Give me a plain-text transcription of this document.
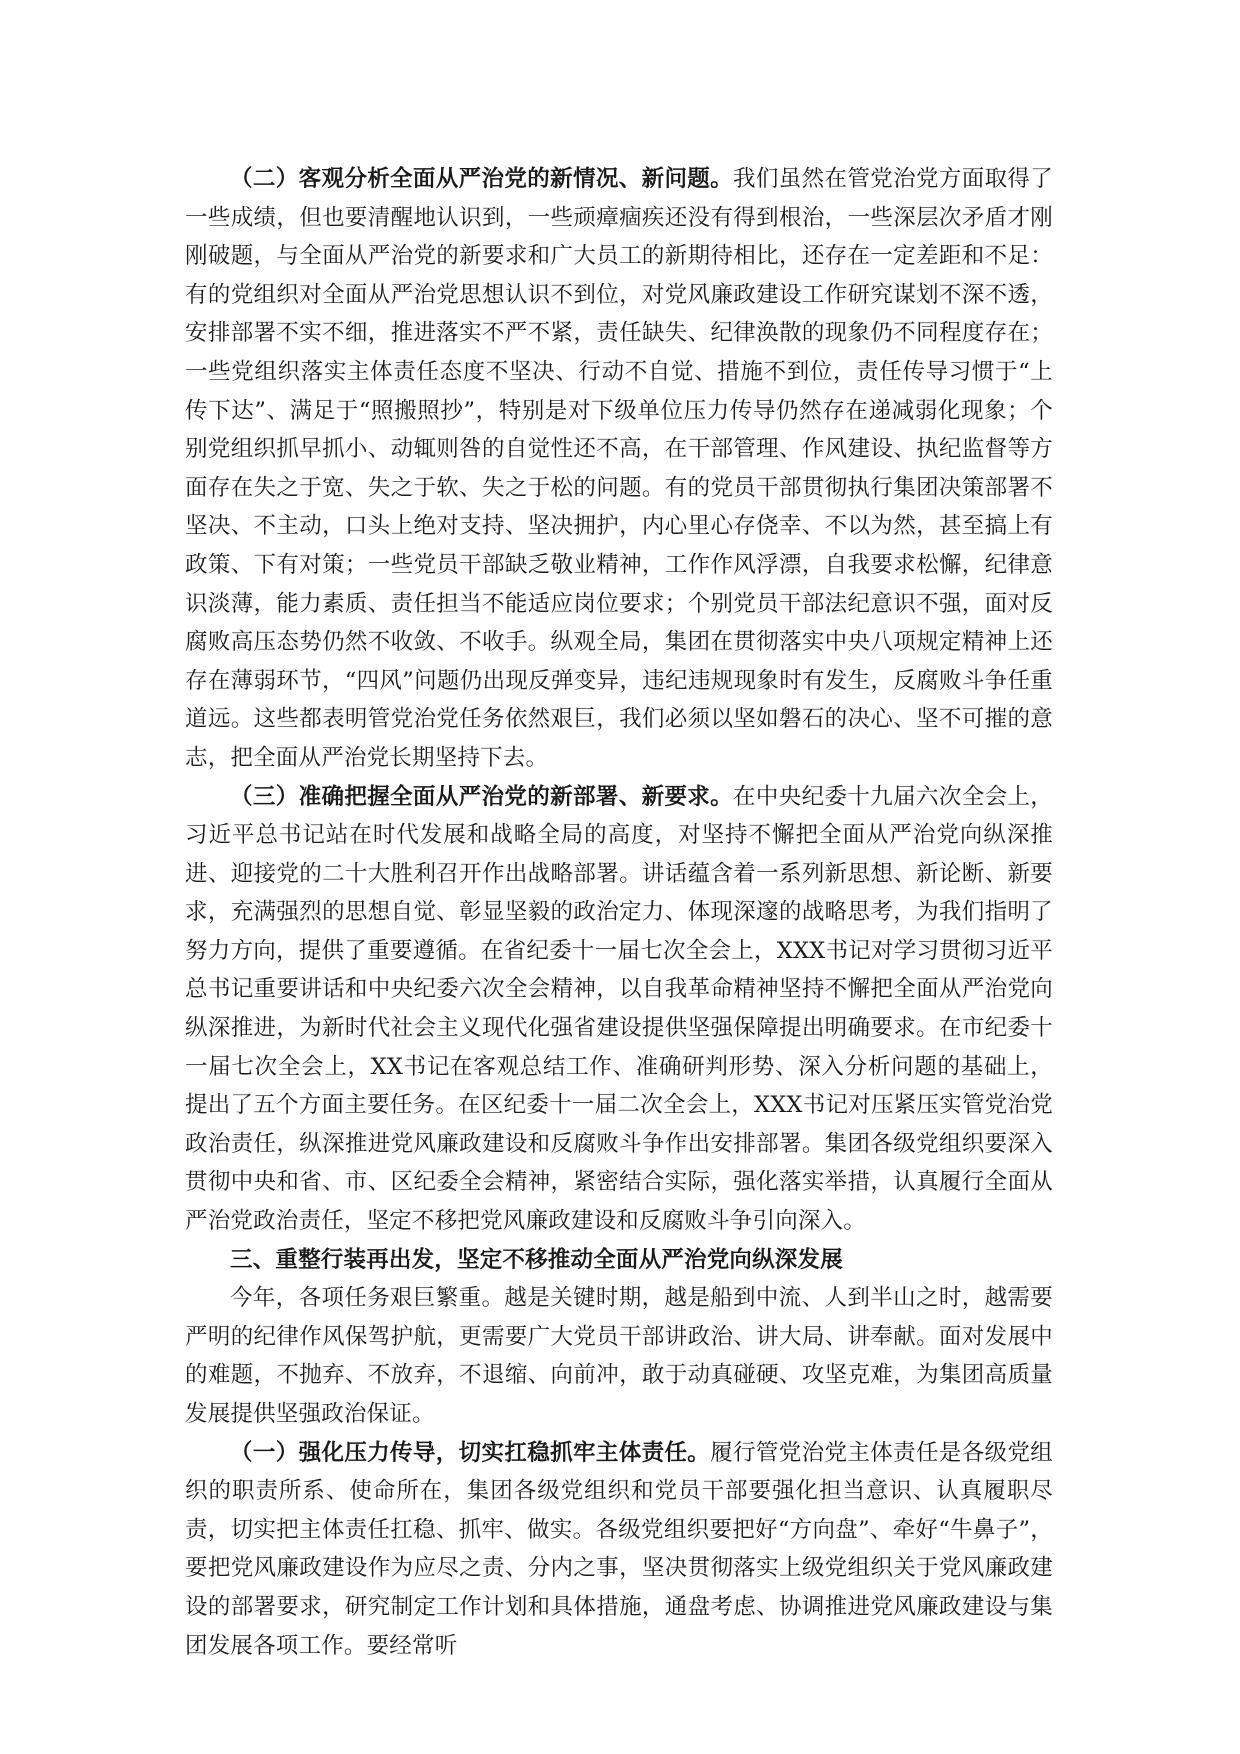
（二）客观分析全面从严治党的新情况、新问题。我们虽然在管党治党方面取得了一些成绩，但也要清醒地认识到，一些顽瘴痼疾还没有得到根治，一些深层次矛盾才刚刚破题，与全面从严治党的新要求和广大员工的新期待相比，还存在一定差距和不足：有的党组织对全面从严治党思想认识不到位，对党风廉政建设工作研究谋划不深不透，安排部署不实不细，推进落实不严不紧，责任缺失、纪律涣散的现象仍不同程度存在；一些党组织落实主体责任态度不坚决、行动不自觉、措施不到位，责任传导习惯于“上传下达”、满足于“照搬照抄”，特别是对下级单位压力传导仍然存在递减弱化现象；个别党组织抓早抓小、动辄则咎的自觉性还不高，在干部管理、作风建设、执纪监督等方面存在失之于宽、失之于软、失之于松的问题。有的党员干部贯彻执行集团决策部署不坚决、不主动，口头上绝对支持、坚决拥护，内心里心存侥幸、不以为然，甚至搞上有政策、下有对策；一些党员干部缺乏敬业精神，工作作风浮漂，自我要求松懈，纪律意识淡薄，能力素质、责任担当不能适应岗位要求；个别党员干部法纪意识不强，面对反腐败高压态势仍然不收敛、不收手。纵观全局，集团在贯彻落实中央八项规定精神上还存在薄弱环节，“四风”问题仍出现反弹变异，违纪违规现象时有发生，反腐败斗争任重道远。这些都表明管党治党任务依然艰巨，我们必须以坚如磐石的决心、坚不可摧的意志，把全面从严治党长期坚持下去。

（三）准确把握全面从严治党的新部署、新要求。在中央纪委十九届六次全会上，习近平总书记站在时代发展和战略全局的高度，对坚持不懈把全面从严治党向纵深推进、迎接党的二十大胜利召开作出战略部署。讲话蕴含着一系列新思想、新论断、新要求，充满强烈的思想自觉、彰显坚毅的政治定力、体现深邃的战略思考，为我们指明了努力方向，提供了重要遵循。在省纪委十一届七次全会上，XXX书记对学习贯彻习近平总书记重要讲话和中央纪委六次全会精神，以自我革命精神坚持不懈把全面从严治党向纵深推进，为新时代社会主义现代化强省建设提供坚强保障提出明确要求。在市纪委十一届七次全会上，XX书记在客观总结工作、准确研判形势、深入分析问题的基础上，提出了五个方面主要任务。在区纪委十一届二次全会上，XXX书记对压紧压实管党治党政治责任，纵深推进党风廉政建设和反腐败斗争作出安排部署。集团各级党组织要深入贯彻中央和省、市、区纪委全会精神，紧密结合实际，强化落实举措，认真履行全面从严治党政治责任，坚定不移把党风廉政建设和反腐败斗争引向深入。

三、重整行装再出发，坚定不移推动全面从严治党向纵深发展

今年，各项任务艰巨繁重。越是关键时期，越是船到中流、人到半山之时，越需要严明的纪律作风保驾护航，更需要广大党员干部讲政治、讲大局、讲奉献。面对发展中的难题，不抛弃、不放弃，不退缩、向前冲，敢于动真碰硬、攻坚克难，为集团高质量发展提供坚强政治保证。

（一）强化压力传导，切实扛稳抓牢主体责任。履行管党治党主体责任是各级党组织的职责所系、使命所在，集团各级党组织和党员干部要强化担当意识、认真履职尽责，切实把主体责任扛稳、抓牢、做实。各级党组织要把好“方向盘”、牵好“牛鼻子”，要把党风廉政建设作为应尽之责、分内之事，坚决贯彻落实上级党组织关于党风廉政建设的部署要求，研究制定工作计划和具体措施，通盘考虑、协调推进党风廉政建设与集团发展各项工作。要经常听
